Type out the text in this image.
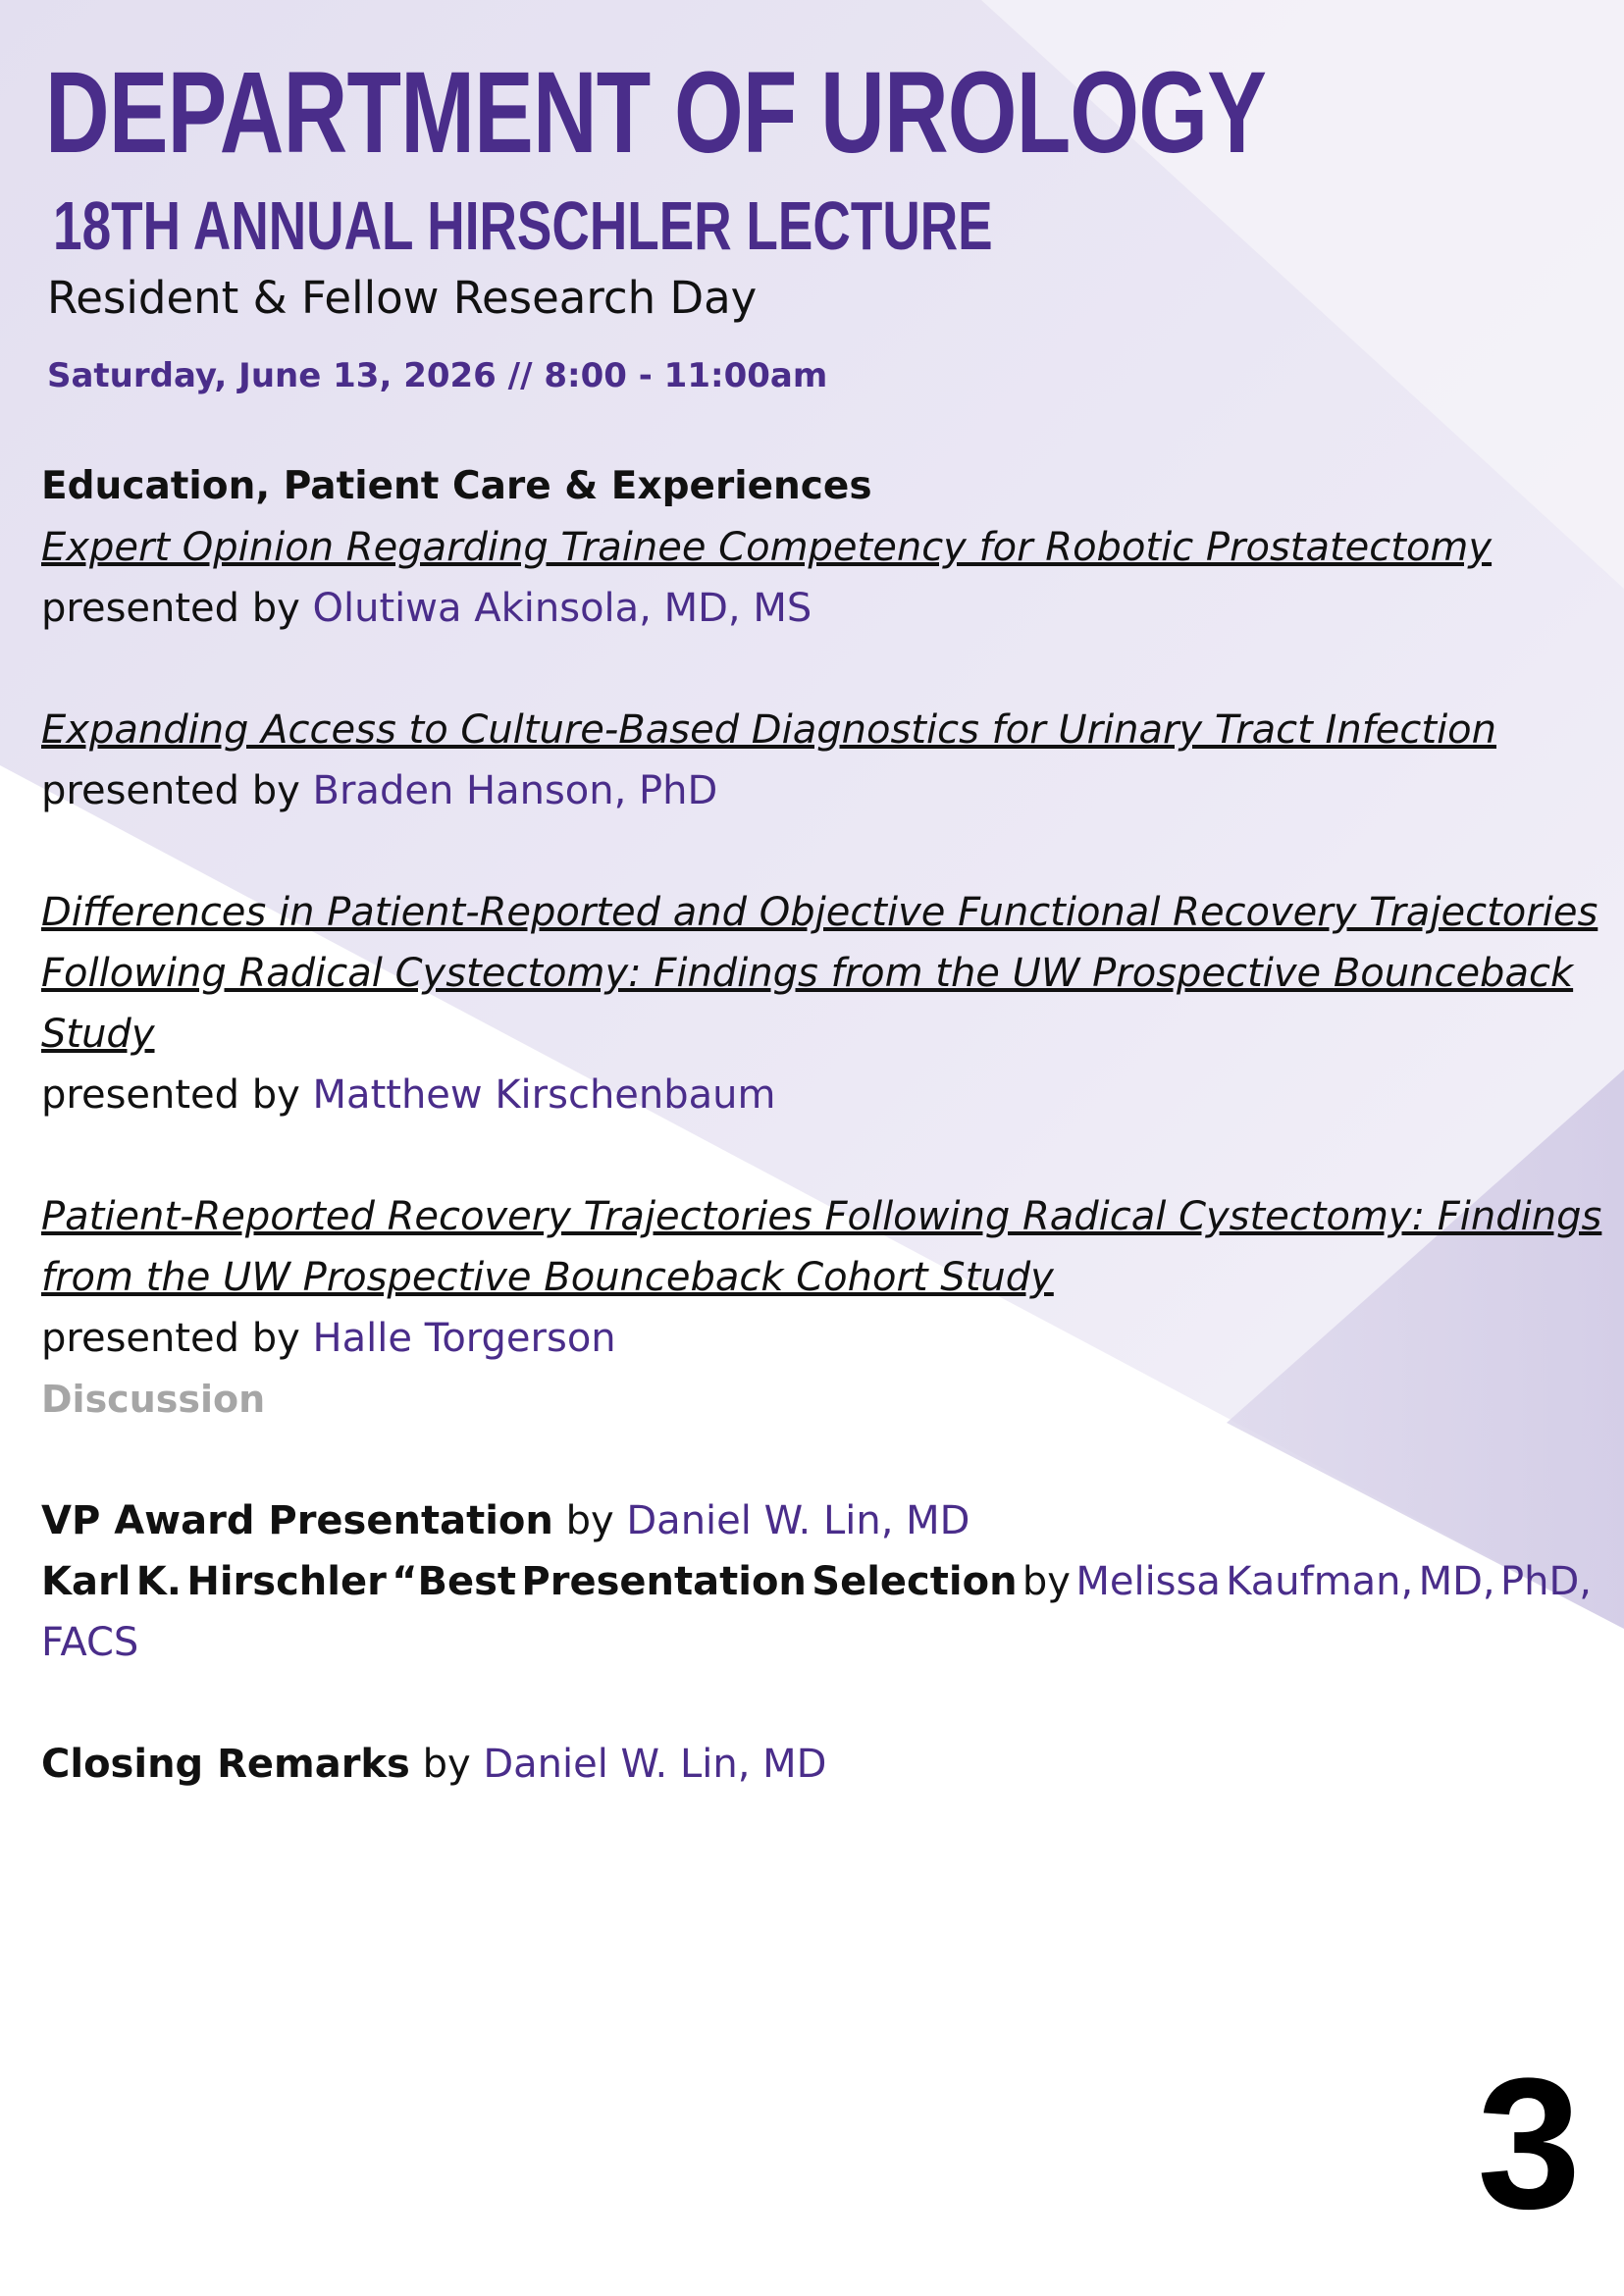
DEPARTMENT OF UROLOGY
18TH ANNUAL HIRSCHLER LECTURE

Resident & Fellow Research Day

Saturday, June 13, 2026 // 8:00 - 11:00am

Education, Patient Care & Experiences

Expert Opinion Regarding Trainee Competency for Robotic Prostatectomy

presented by Olutiwa Akinsola, MD, MS

Expanding Access to Culture-Based Diagnostics for Urinary Tract Infection

presented by Braden Hanson, PhD

Differences in Patient-Reported and Objective Functional Recovery Trajectories

Following Radical Cystectomy: Findings from the UW Prospective Bounceback

Study

presented by Matthew Kirschenbaum

Patient-Reported Recovery Trajectories Following Radical Cystectomy: Findings

from the UW Prospective Bounceback Cohort Study

presented by Halle Torgerson

Discussion

VP Award Presentation by Daniel W. Lin, MD

Karl K. Hirschler “Best Presentation Selection by Melissa Kaufman, MD, PhD,

FACS

Closing Remarks by Daniel W. Lin, MD

3
